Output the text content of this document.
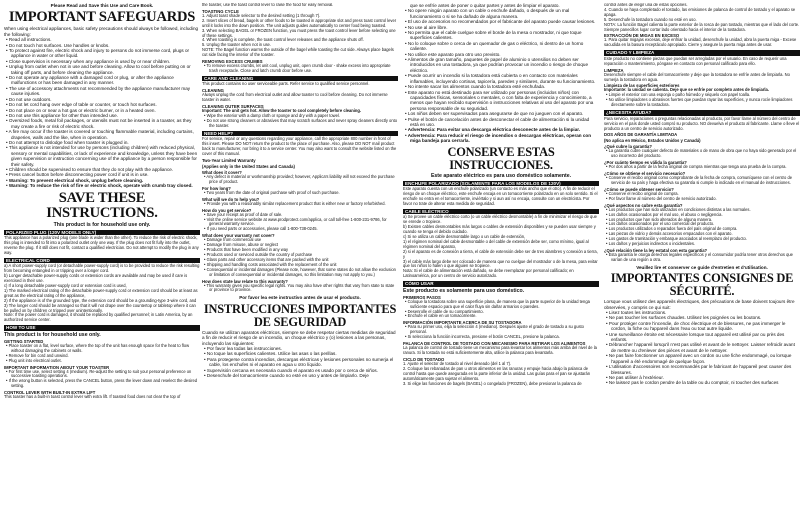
Please Read and Save this Use and Care Book.

IMPORTANT SAFEGUARDS

When using electrical appliances, basic safety precautions should always be followed, including the following:

• Read all instructions.

• Do not touch hot surfaces. Use handles or knobs.

• To protect against fire, electric shock and injury to persons do not immerse cord, plugs or appliance in water or other liquid.

• Close supervision is necessary when any appliance is used by or near children.

• Unplug from outlet when not in use and before cleaning. Allow to cool before putting on or taking off parts, and before cleaning the appliance.

• Do not operate any appliance with a damaged cord or plug, or after the appliance malfunctions or has been damaged in any manner.

• The use of accessory attachments not recommended by the appliance manufacturer may cause injuries.

• Do not use outdoors.

• Do not let cord hang over edge of table or counter, or touch hot surfaces.

• Do not place on or near a hot gas or electric burner, or in a heated oven.

• Do not use this appliance for other than intended use.

• Oversized foods, metal foil packages, or utensils must not be inserted in a toaster, as they may create a fire or risk of electric shock.

• A fire may occur if the toaster is covered or touching flammable material, including curtains, draperies, walls and the like, when in operation.

• Do not attempt to dislodge food when toaster is plugged in.

• This appliance is not intended for use by persons (including children) with reduced physical, sensory or mental capabilities, or lack of experience and knowledge, unless they have been given supervision or instruction concerning use of the appliance by a person responsible for their safety.

• Children should be supervised to ensure that they do not play with the appliance.

• Press cancel button before disconnecting power cord if unit is in use.

• Warning: To prevent electrical shock, unplug before cleaning.

• Warning: To reduce the risk of fire or electric shock, operate with crumb tray closed.

SAVE THESE INSTRUCTIONS.

This product is for household use only.

POLARIZED PLUG (120V MODELS ONLY)

This appliance has a polarized plug (one blade is wider than the other). To reduce the risk of electric shock, this plug is intended to fit into a polarized outlet only one way. If the plug does not fit fully into the outlet, reverse the plug. If it still does not fit, contact a qualified electrician. Do not attempt to modify the plug in any way.

ELECTRICAL CORD

a) A short power-supply cord (or detachable power-supply cord) is to be provided to reduce the risk resulting from becoming entangled in or tripping over a longer cord.

b) Longer detachable power-supply cords or extension cords are available and may be used if care is exercised in their use.

c) If a long detachable power-supply cord or extension cord is used,

1) The marked electrical rating of the detachable power-supply cord or extension cord should be at least as great as the electrical rating of the appliance,

2) If the appliance is of the grounded type, the extension cord should be a grounding-type 3-wire cord, and

3) The longer cord should be arranged so that it will not drape over the countertop or tabletop where it can be pulled on by children or tripped over unintentionally.

Note: If the power cord is damaged, it should be replaced by qualified personnel; in Latin America, by an authorized service center.

HOW TO USE

This product is for household use only.

GETTING STARTED

• Place toaster on a flat, level surface, where the top of the unit has enough space for the heat to flow without damaging the cabinets or walls.

• Remove for bin cord and unwind.

• Plug unit into electrical outlet.

IMPORTANT INFORMATION ABOUT YOUR TOASTER

• For first time use, select setting 4 (medium). Re-adjust the setting to suit your personal preference on successive toasting operations.

• If the wrong button is selected, press the CANCEL button, press the lever down and reselect the desired setting.

CONTROL LEVER WITH BUILT-IN EXTRA LIFT

This toaster has a built-in toast control lever with extra lift. If toasted food does not clear the top of

the toaster, use the toast control lever to raise the food for easy removal.

TOASTING CYCLE

1. Adjust toast shade selector to the desired setting (1 through 7).

2. Insert slices of bread, bagels or other foods to be toasted in appropriate slot and press toast control lever until it locks into the down position. The unit adjusts guides automatically to center food being toasted.

3. When selecting BAGEL or FROZEN function, you must press the toast control lever before selecting one of these settings.

4. When toasting is complete, the toast control lever releases and the appliance shuts off.

5. Unplug the toaster when not in use.

NOTE: The Bagel function warms the outside of the bagel while toasting the cut side. Always place bagels cut side facing the interior of the toaster.

REMOVING EXCESS CRUMBS

• To remove excess crumbs, let unit cool, unplug unit, open crumb door - shake excess into appropriate trash receptacle. Close and latch crumb door before use.

CARE AND CLEANING

This product contains no user serviceable parts. Refer service to qualified service personnel.

CLEANING

Always unplug the cord from electrical outlet and allow toaster to cool before cleaning. Do not immerse toaster in water.

CLEANING OUTER SURFACES

Important: The unit gets hot. Allow the toaster to cool completely before cleaning.

• Wipe the exterior with a damp cloth or sponge and dry with a paper towel.

• Do not use strong cleaners or abrasives that may scratch surfaces and never spray cleaners directly onto the toaster.

NEED HELP?

For service, repair or any questions regarding your appliance, call the appropriate 800 number in front of this insert. Please DO NOT return the product to the place of purchase. Also, please DO NOT mail product back to manufacturer, nor bring it to a service center. You may also want to consult the website listed on the cover of this manual.

Two-Year Limited Warranty

(Applies only in the United States and Canada)

What does it cover?

• Any defect in material or workmanship provided; however, Applica's liability will not exceed the purchase price of product.

For how long?

• Two years from the date of original purchase with proof of such purchase.

What will we do to help you?

• Provide you with a reasonably similar replacement product that is either new or factory refurbished.

How do you get service?

• Save your receipt as proof of date of sale.

• Visit the online service website at www.prodprotect.com/applica, or call toll-free 1-800-231-9786, for general warranty service.

• If you need parts or accessories, please call 1-800-738-0245.

What does your warranty not cover?

• Damage from commercial use

• Damage from misuse, abuse or neglect

• Products that have been modified in any way

• Products used or serviced outside the country of purchase

• Glass parts and other accessory items that are packed with the unit

• Shipping and handling costs associated with the replacement of the unit

• Consequential or incidental damages (Please note, however, that some states do not allow the exclusion or limitation of consequential or incidental damages, so this limitation may not apply to you.)

How does state law relate to this warranty?

• This warranty gives you specific legal rights. You may also have other rights that vary from state to state or province to province.

Por favor lea este instructivo antes de usar el producto.

INSTRUCCIONES IMPORTANTES DE SEGURIDAD

Cuando se utilizan aparatos eléctricos, siempre se debe respetar ciertas medidas de seguridad a fin de reducir el riesgo de un incendio, un choque eléctrico y (o) lesiones a las personas, incluyendo las siguientes:

• Por favor lea todas las instrucciones.

• No toque las superficies calientes. Utilice las asas o las perillas.

• Para protegerse contra incendios, descargas eléctricas y lesiones personales no sumerja el cable, los enchufes ni el aparato en agua u otro líquido.

• Supervisión cercana es necesaria cuando el aparato es usado por o cerca de niños.

• Desenchufe del tomacorriente cuando no esté en uso y antes de limpiarlo. Deje

que se enfríe antes de poner o quitar partes y antes de limpiar el aparato.

• No opere ningún aparato con un cable o enchufe dañado, o después de un mal funcionamiento o si se ha dañado de alguna manera.

• El uso de accesorios no recomendados por el fabricante del aparato puede causar lesiones.

• No use al aire libre.

• No permita que el cable cuelgue sobre el borde de la mesa o mostrador, ni que toque superficies calientes.

• No lo coloque sobre o cerca de un quemador de gas o eléctrico, ni dentro de un horno caliente.

• No utilice este aparato para otro uso previsto.

• Alimentos de gran tamaño, paquetes de papel de aluminio o utensilios no deben ser introducidos en una tostadora, ya que podrían provocar un incendio o riesgo de choque eléctrico.

• Puede ocurrir un incendio si la tostadora está cubierta o en contacto con materiales inflamables, incluyendo cortinas, tapicería, paredes y similares, durante su funcionamiento.

• No intente sacar los alimentos cuando la tostadora esté enchufada.

• Este aparato no está destinado para ser utilizado por personas (incluidos niños) con capacidades físicas, sensoriales o mentales, o con falta de experiencia y conocimiento, a menos que hayan recibido supervisión o instrucciones relativas al uso del aparato por una persona responsable de su seguridad.

• Los niños deben ser supervisados para asegurarse de que no jueguen con el aparato.

• Pulse el botón de cancelación antes de desconectar el cable de alimentación si la unidad está en uso.

• Advertencia: Para evitar una descarga eléctrica desconecte antes de la limpiar.

• Advertencia: Para reducir el riesgo de incendios o descargas eléctricas, operan con miga bandeja para cerrarla.

CONSERVE ESTAS INSTRUCCIONES.

Este aparato eléctrico es para uso doméstico solamente.

ENCHUFE POLARIZADO (SOLAMENTE PARA LOS MODELOS DE 120V)

Este aparato cuenta con un enchufe polarizado (un contacto es más ancho que el otro). A fin de reducir el riesgo de un choque eléctrico, este enchufe encaja en un tomacorriente polarizado en un solo sentido. Si el enchufe no entra en el tomacorriente, inviértalo y si aun así no encaja, consulte con un electricista. Por favor no trate de alterar esta medida de seguridad.

CABLE ELÉCTRICO

a) Se provee un cable eléctrico corto (o un cable eléctrico desmontable) a fin de minimizar el riesgo de que se enrede o tropiece.

b) Existen cables desmontables más largos o cables de extensión disponibles y se pueden usar siempre y cuando se tenga el debido cuidado.

c) Si se utiliza un cable desmontable largo o un cable de extensión,

1) el régimen nominal del cable desmontable o del cable de extensión debe ser, como mínimo, igual al régimen nominal del aparato,

2) si el aparato es de conexión a tierra, el cable de extensión debe ser de tres alambres y conexión a tierra, y

3) el cable más largo debe ser colocado de manera que no cuelgue del mostrador o de la mesa, para evitar que los niños lo halen o que alguien se tropiece.

Nota: Si el cable de alimentación está dañado, se debe reemplazar por personal calificado; en Latinoamérica, por un centro de servicio autorizado.

CÓMO USAR

Este producto es solamente para uso doméstico.

PRIMEROS PASOS

• Coloque la tostadora sobre una superficie plana, de manera que la parte superior de la unidad tenga suficiente espacio para que el calor fluya sin dañar armarios o paredes.

• Desenrolle el cable de su compartimiento.

• Enchufe el cable en un tomacorriente.

INFORMACIÓN IMPORTANTE ACERCA DE SU TOSTADORA

• Para su primer uso, elija la selección 4 (mediano). Después ajuste el grado de tostado a su gusto personal.

• Si selecciona la función incorrecta, presione el botón CANCEL, presione la palanca.

PALANCA DE CONTROL DE TOSTADO CON MECANISMO PARA RETIRAR LOS ALIMENTOS

La palanca de control de tostado tiene un mecanismo para levantar los alimentos más arriba del nivel de la ranura. Si la tostada no está suficientemente alta, utilice la palanca para levantarla.

CICLO DE TOSTADO

1. Ajuste el selector de tostado al nivel deseado (del 1 al 7).

2. Coloque las rebanadas de pan u otros alimentos en las ranuras y empuje hacia abajo la palanca de control hasta que quede asegurada en la parte inferior de la unidad. Las guías para el pan se ajustarán automáticamente para sujetar el alimento.

3. Si elige las funciones de bagels (BAGEL) o congelado (FROZEN), debe presionar la palanca de

control antes de elegir una de estas opciones.

4. Cuando se haya completado el tostado, las emisiones de palanca de control de tostado y el aparato se apaga.

5. Desenchufe la tostadora cuando no esté en uso.

NOTA: La función Bagel calienta la parte exterior de la rosca de pan tostado, mientras que el lado del corte. Siempre panecillos lugar cortar lado orientado hacia el interior de la tostadora.

EXTRACCIÓN DE MIGAS EN EXCESO

1. Para quitar migajas excesas, deje enfriar la unidad, desenchufe la unidad, abra la puerta miga - Excese sacudida en la basura receptáculo apropiado. Cierre y asegure la puerta miga antes de usar.

CUIDADO Y LIMPIEZA

Este producto no contiene piezas que puedan ser arregladas por el usuario. En caso de requerir una reparación o mantenimiento, póngase en contacto con personal calificado para ello.

LIMPIEZA

Desenchufe siempre el cable del tomacorriente y deje que la tostadora se enfríe antes de limpiarla. No sumerja la tostadora en agua.

Limpieza de las superficies exteriores

Importante: la unidad se calienta. Deje que se enfríe por completo antes de limpiarla.

• Limpie el exterior con una esponja o paño húmedo y séquelo con papel toalla.

• No utilice limpiadores o abrasivos fuertes que puedan rayar las superficies, y nunca rocíe limpiadores directamente sobre la tostadora.

¿NECESITA AYUDA?

Para servicio, reparaciones o preguntas relacionadas al producto, por favor llame al número del centro de servicio en el país donde usted compró su producto. NO devuelva el producto al fabricante. Llame o lleve el producto a un centro de servicio autorizado.

DOS AÑOS DE GARANTÍA LIMITADA

(No aplica en México, Estados Unidos y Canadá)

¿Qué cubre la garantía?

• La garantía cubre cualquier defecto de materiales o de mano de obra que no haya sido generado por el uso incorrecto del producto.

¿Por cuánto tiempo es válida la garantía?

• Por dos años a partir de la fecha original de compra mientras que tenga una prueba de la compra.

¿Cómo se obtiene el servicio necesario?

• Conserve el recibo original como comprobante de la fecha de compra, comuníquese con el centro de servicio de su país y haga efectiva su garantía si cumple lo indicado en el manual de instrucciones.

¿Cómo se puede obtener servicio?

• Conserve el recibo original de compra.

• Por favor llame al número del centro de servicio autorizado.

¿Qué aspectos no cubre esta garantía?

• Los productos que han sido utilizados en condiciones distintas a las normales.

• Los daños ocasionados por el mal uso, el abuso o negligencia.

• Los productos que han sido alterados de alguna manera.

• Los daños ocasionados por el uso comercial del producto.

• Los productos utilizados o reparados fuera del país original de compra.

• Las piezas de vidrio y demás accesorios empacados con el aparato.

• Los gastos de tramitación y embarque asociados al reemplazo del producto.

• Los daños y perjuicios indirectos o incidentales.

¿Qué relación tiene la ley estatal con esta garantía?

• Esta garantía le otorga derechos legales específicos y el consumidor podría tener otros derechos que varían de una región a otra.

Veuillez lire et conserver ce guide d'entretien et d'utilisation.

IMPORTANTES CONSIGNES DE SÉCURITÉ.

Lorsque vous utilisez des appareils électriques, des précautions de base doivent toujours être observées, y compris ce qui suit:

• Lisez toutes les instructions.

• Ne pas toucher les surfaces chaudes. Utilisez les poignées ou les boutons.

• Pour protéger contre l'incendie, de choc électrique et de blessures, ne pas immerger le cordon, la fiche ou l'appareil dans l'eau ou tout autre liquide.

• Une surveillance étroite est nécessaire lorsque tout appareil est utilisé par ou près des enfants.

• Débrancher l'appareil lorsqu'il n'est pas utilisé et avant de le nettoyer. Laisser refroidir avant de mettre ou d'enlever des pièces et avant de le nettoyer.

• Ne pas faire fonctionner un appareil avec un cordon ou une fiche endommagé, ou lorsque l'appareil a été endommagé de quelque façon.

• L'utilisation d'accessoires non recommandés par le fabricant de l'appareil peut causer des blessures.

• Ne pas utiliser à l'extérieur.

• Ne laissez pas le cordon pendre de la table ou du comptoir, ni toucher des surfaces
